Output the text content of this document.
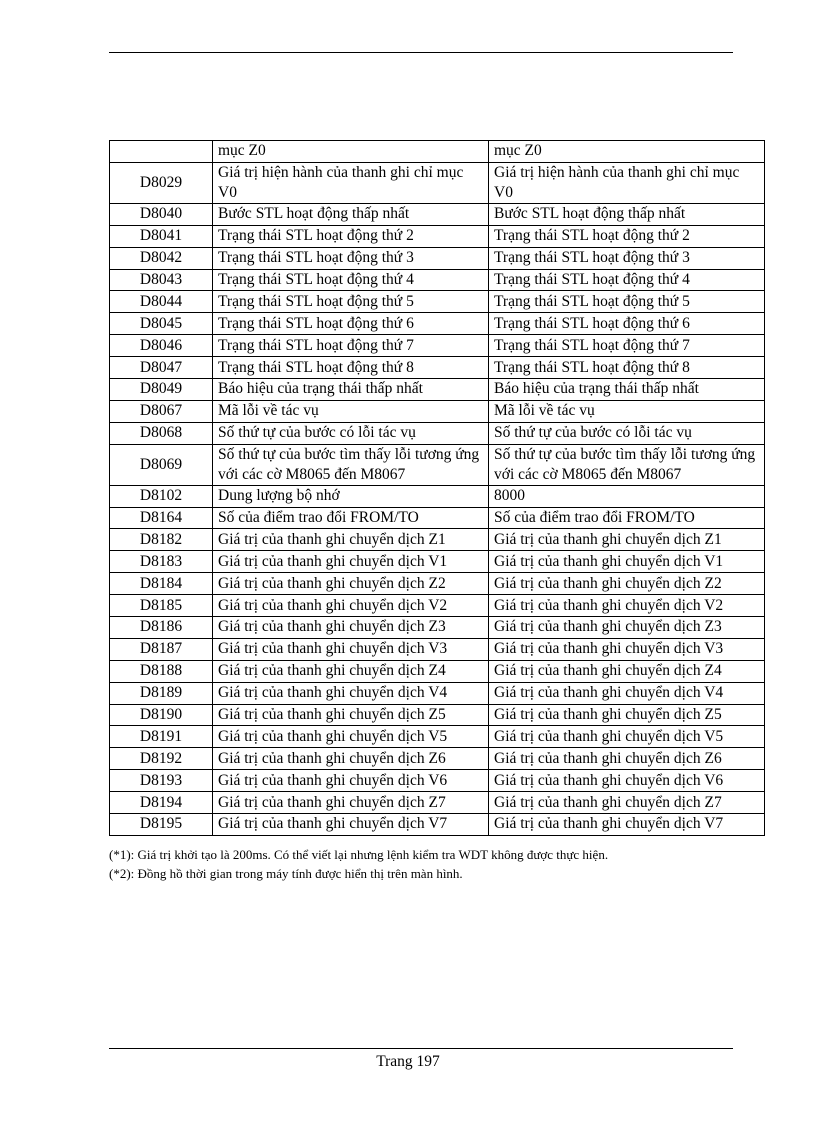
	mục Z0	mục Z0
D8029	Giá trị hiện hành của thanh ghi chỉ mục V0	Giá trị hiện hành của thanh ghi chỉ mục V0
D8040	Bước STL hoạt động thấp nhất	Bước STL hoạt động thấp nhất
D8041	Trạng thái STL hoạt động thứ 2	Trạng thái STL hoạt động thứ 2
D8042	Trạng thái STL hoạt động thứ 3	Trạng thái STL hoạt động thứ 3
D8043	Trạng thái STL hoạt động thứ 4	Trạng thái STL hoạt động thứ 4
D8044	Trạng thái STL hoạt động thứ 5	Trạng thái STL hoạt động thứ 5
D8045	Trạng thái STL hoạt động thứ 6	Trạng thái STL hoạt động thứ 6
D8046	Trạng thái STL hoạt động thứ 7	Trạng thái STL hoạt động thứ 7
D8047	Trạng thái STL hoạt động thứ 8	Trạng thái STL hoạt động thứ 8
D8049	Báo hiệu của trạng thái thấp nhất	Báo hiệu của trạng thái thấp nhất
D8067	Mã lỗi về tác vụ	Mã lỗi về tác vụ
D8068	Số thứ tự của bước có lỗi tác vụ	Số thứ tự của bước có lỗi tác vụ
D8069	Số thứ tự của bước tìm thấy lỗi tương ứng với các cờ M8065 đến M8067	Số thứ tự của bước tìm thấy lỗi tương ứng với các cờ M8065 đến M8067
D8102	Dung lượng bộ nhớ	8000
D8164	Số của điểm trao đổi FROM/TO	Số của điểm trao đổi FROM/TO
D8182	Giá trị của thanh ghi chuyển dịch Z1	Giá trị của thanh ghi chuyển dịch Z1
D8183	Giá trị của thanh ghi chuyển dịch V1	Giá trị của thanh ghi chuyển dịch V1
D8184	Giá trị của thanh ghi chuyển dịch Z2	Giá trị của thanh ghi chuyển dịch Z2
D8185	Giá trị của thanh ghi chuyển dịch V2	Giá trị của thanh ghi chuyển dịch V2
D8186	Giá trị của thanh ghi chuyển dịch Z3	Giá trị của thanh ghi chuyển dịch Z3
D8187	Giá trị của thanh ghi chuyển dịch V3	Giá trị của thanh ghi chuyển dịch V3
D8188	Giá trị của thanh ghi chuyển dịch Z4	Giá trị của thanh ghi chuyển dịch Z4
D8189	Giá trị của thanh ghi chuyển dịch V4	Giá trị của thanh ghi chuyển dịch V4
D8190	Giá trị của thanh ghi chuyển dịch Z5	Giá trị của thanh ghi chuyển dịch Z5
D8191	Giá trị của thanh ghi chuyển dịch V5	Giá trị của thanh ghi chuyển dịch V5
D8192	Giá trị của thanh ghi chuyển dịch Z6	Giá trị của thanh ghi chuyển dịch Z6
D8193	Giá trị của thanh ghi chuyển dịch V6	Giá trị của thanh ghi chuyển dịch V6
D8194	Giá trị của thanh ghi chuyển dịch Z7	Giá trị của thanh ghi chuyển dịch Z7
D8195	Giá trị của thanh ghi chuyển dịch V7	Giá trị của thanh ghi chuyển dịch V7
(*1): Giá trị khởi tạo là 200ms. Có thể viết lại nhưng lệnh kiểm tra WDT không được thực hiện.
(*2): Đồng hồ thời gian trong máy tính được hiển thị trên màn hình.
Trang 197
